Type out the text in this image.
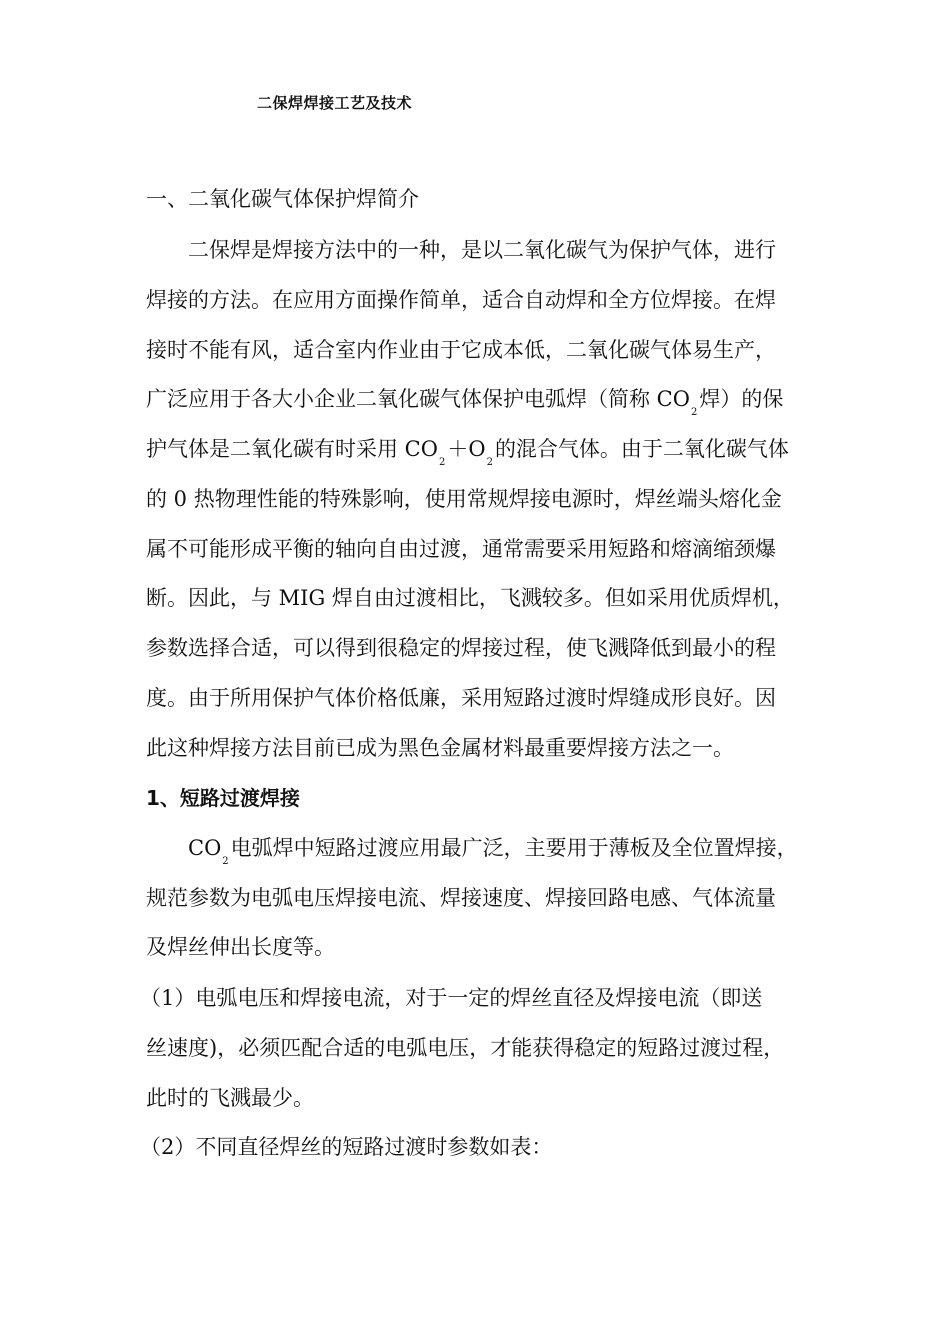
二保焊焊接工艺及技术
一、二氧化碳气体保护焊简介
二保焊是焊接方法中的一种，是以二氧化碳气为保护气体，进行
焊接的方法。在应用方面操作简单，适合自动焊和全方位焊接。在焊
接时不能有风，适合室内作业由于它成本低，二氧化碳气体易生产，
广泛应用于各大小企业二氧化碳气体保护电弧焊（简称 $CO_2$焊）的保
护气体是二氧化碳有时采用 $CO_2+O_2$的混合气体。由于二氧化碳气体
的 0 热物理性能的特殊影响，使用常规焊接电源时，焊丝端头熔化金
属不可能形成平衡的轴向自由过渡，通常需要采用短路和熔滴缩颈爆
断。因此，与 MIG 焊自由过渡相比，飞溅较多。但如采用优质焊机，
参数选择合适，可以得到很稳定的焊接过程，使飞溅降低到最小的程
度。由于所用保护气体价格低廉，采用短路过渡时焊缝成形良好。因
此这种焊接方法目前已成为黑色金属材料最重要焊接方法之一。
1、短路过渡焊接
$CO_2$电弧焊中短路过渡应用最广泛，主要用于薄板及全位置焊接，
规范参数为电弧电压焊接电流、焊接速度、焊接回路电感、气体流量
及焊丝伸出长度等。
（1）电弧电压和焊接电流，对于一定的焊丝直径及焊接电流（即送
丝速度)，必须匹配合适的电弧电压，才能获得稳定的短路过渡过程，
此时的飞溅最少。
（2）不同直径焊丝的短路过渡时参数如表：
